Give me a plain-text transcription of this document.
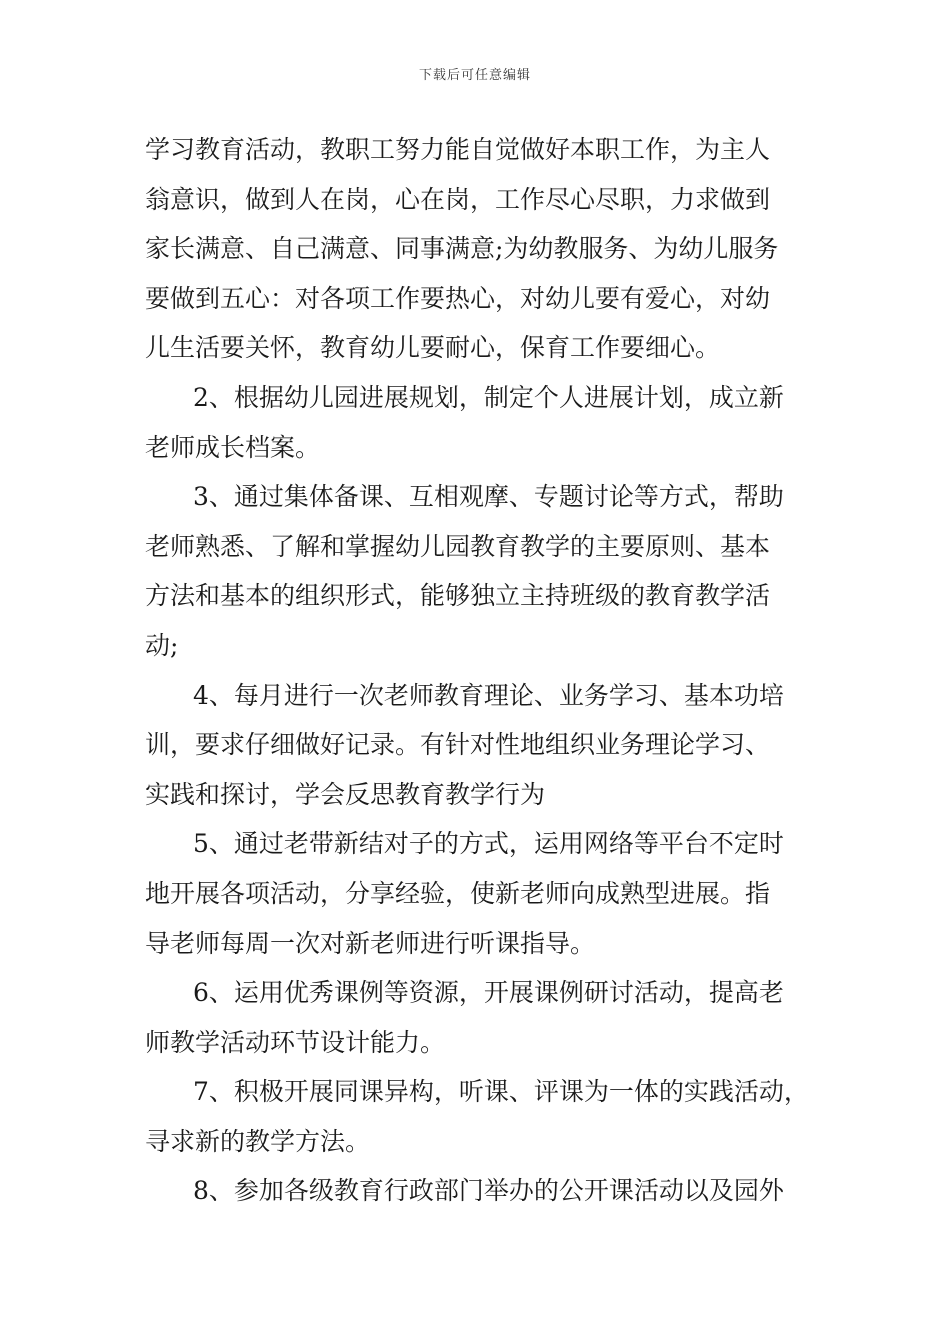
下载后可任意编辑
学习教育活动，教职工努力能自觉做好本职工作，为主人
翁意识，做到人在岗，心在岗，工作尽心尽职，力求做到
家长满意、自己满意、同事满意;为幼教服务、为幼儿服务
要做到五心：对各项工作要热心，对幼儿要有爱心，对幼
儿生活要关怀，教育幼儿要耐心，保育工作要细心。
2、根据幼儿园进展规划，制定个人进展计划，成立新
老师成长档案。
3、通过集体备课、互相观摩、专题讨论等方式，帮助
老师熟悉、了解和掌握幼儿园教育教学的主要原则、基本
方法和基本的组织形式，能够独立主持班级的教育教学活
动;
4、每月进行一次老师教育理论、业务学习、基本功培
训，要求仔细做好记录。有针对性地组织业务理论学习、
实践和探讨，学会反思教育教学行为
5、通过老带新结对子的方式，运用网络等平台不定时
地开展各项活动，分享经验，使新老师向成熟型进展。指
导老师每周一次对新老师进行听课指导。
6、运用优秀课例等资源，开展课例研讨活动，提高老
师教学活动环节设计能力。
7、积极开展同课异构，听课、评课为一体的实践活动，
寻求新的教学方法。
8、参加各级教育行政部门举办的公开课活动以及园外
